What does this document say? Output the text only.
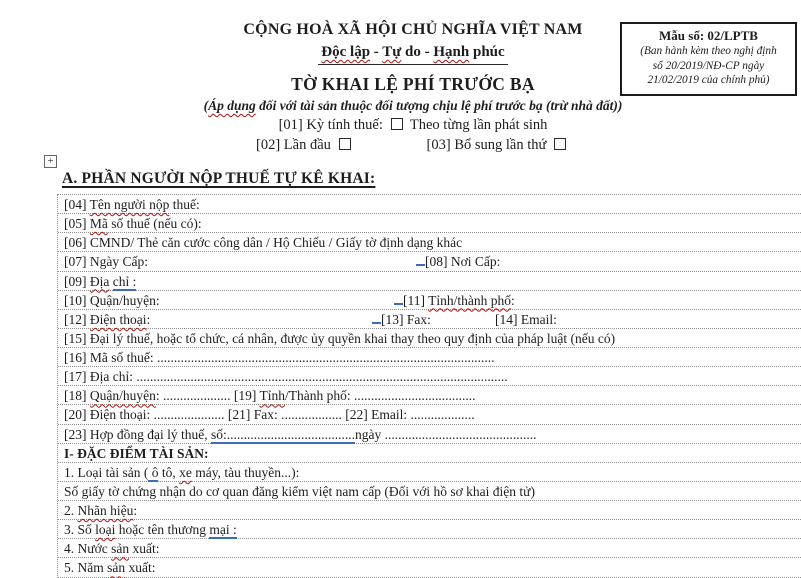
CỘNG HOÀ XÃ HỘI CHỦ NGHĨA VIỆT NAM
Độc lập - Tự do - Hạnh phúc
TỜ KHAI LỆ PHÍ TRƯỚC BẠ
(Áp dụng đối với tài sản thuộc đối tượng chịu lệ phí trước bạ (trừ nhà đất))
[01] Kỳ tính thuế:  Theo từng lần phát sinh
[02] Lần đầu	[03] Bổ sung lần thứ
Mẫu số: 02/LPTB
(Ban hành kèm theo nghị định
số 20/2019/NĐ-CP ngày
21/02/2019 của chính phủ)
+
A. PHẦN NGƯỜI NỘP THUẾ TỰ KÊ KHAI:
[04] Tên người nộp thuế:
[05] Mã số thuế (nếu có):
[06] CMND/ Thẻ căn cước công dân / Hộ Chiếu / Giấy tờ định dạng khác
[07] Ngày Cấp:	[08] Nơi Cấp:
[09] Địa chỉ :
[10] Quận/huyện:	[11] Tỉnh/thành phố:
[12] Điện thoại:	[13] Fax:	[14] Email:
[15] Đại lý thuế, hoặc tổ chức, cá nhân, được ủy quyền khai thay theo quy định của pháp luật (nếu có)
[16] Mã số thuế: ....................................................................................................
[17] Địa chỉ: ..............................................................................................................
[18] Quận/huyện: .................... [19] Tỉnh/Thành phố: ....................................
[20] Điện thoại: ..................... [21] Fax: .................. [22] Email: ...................
[23] Hợp đồng đại lý thuế, số:......................................ngày .............................................
I- ĐẶC ĐIỂM TÀI SẢN:
1. Loại tài sản ( ô tô, xe máy, tàu thuyền...):
Số giấy tờ chứng nhận do cơ quan đăng kiểm việt nam cấp (Đối với hồ sơ khai điện tử)
2. Nhãn hiệu:
3. Số loại hoặc tên thương mại :
4. Nước sản xuất:
5. Năm sản xuất:
